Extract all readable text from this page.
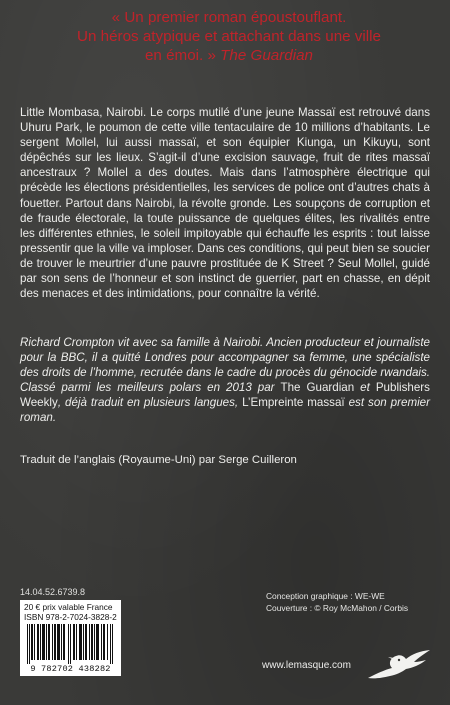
« Un premier roman époustouflant.
Un héros atypique et attachant dans une ville
en émoi. » The Guardian
Little Mombasa, Nairobi. Le corps mutilé d’une jeune Massaï est retrouvé dans Uhuru Park, le poumon de cette ville tentaculaire de 10 millions d’habitants. Le sergent Mollel, lui aussi massaï, et son équipier Kiunga, un Kikuyu, sont dépêchés sur les lieux. S’agit-il d’une excision sauvage, fruit de rites massaï ancestraux ? Mollel a des doutes. Mais dans l’atmosphère électrique qui précède les élections présidentielles, les services de police ont d’autres chats à fouetter. Partout dans Nairobi, la révolte gronde. Les soupçons de corruption et de fraude électorale, la toute puissance de quelques élites, les rivalités entre les différentes ethnies, le soleil impitoyable qui échauffe les esprits : tout laisse pressentir que la ville va imploser. Dans ces conditions, qui peut bien se soucier de trouver le meurtrier d’une pauvre prostituée de K Street ? Seul Mollel, guidé par son sens de l’honneur et son instinct de guerrier, part en chasse, en dépit des menaces et des intimidations, pour connaître la vérité.
Richard Crompton vit avec sa famille à Nairobi. Ancien producteur et journaliste pour la BBC, il a quitté Londres pour accompagner sa femme, une spécialiste des droits de l’homme, recrutée dans le cadre du procès du génocide rwandais. Classé parmi les meilleurs polars en 2013 par The Guardian et Publishers Weekly, déjà traduit en plusieurs langues, L’Empreinte massaï est son premier roman.
Traduit de l’anglais (Royaume-Uni) par Serge Cuilleron
14.04.52.6739.8
20 € prix valable France
ISBN 978-2-7024-3828-2
9 782702 438282
Conception graphique : WE-WE
Couverture : © Roy McMahon / Corbis
www.lemasque.com
